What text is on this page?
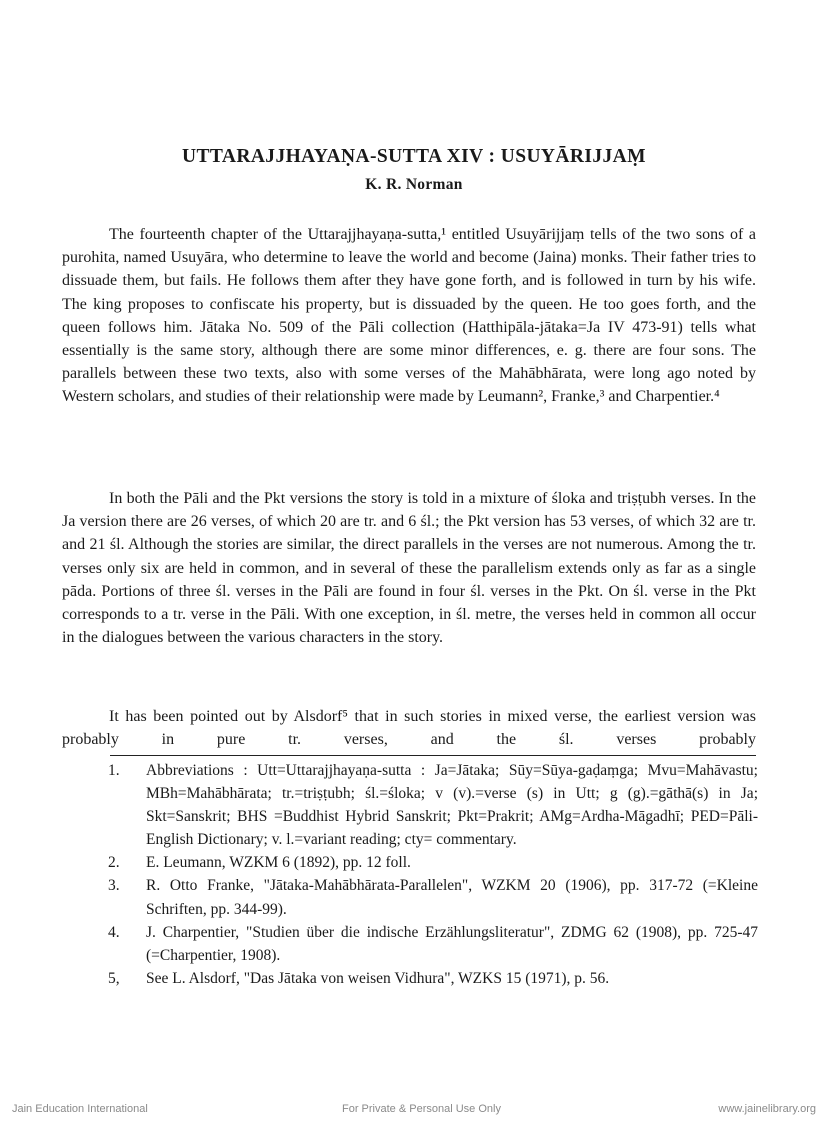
UTTARAJJHAYAṆA-SUTTA XIV : USUYĀRIJJAṂ
K. R. Norman

The fourteenth chapter of the Uttarajjhayaṇa-sutta,¹ entitled Usuyārijjaṃ tells of the two sons of a purohita, named Usuyāra, who determine to leave the world and become (Jaina) monks. Their father tries to dissuade them, but fails. He follows them after they have gone forth, and is followed in turn by his wife. The king proposes to confiscate his property, but is dissuaded by the queen. He too goes forth, and the queen follows him. Jātaka No. 509 of the Pāli collection (Hatthipāla-jātaka=Ja IV 473-91) tells what essentially is the same story, although there are some minor differences, e. g. there are four sons. The parallels between these two texts, also with some verses of the Mahābhārata, were long ago noted by Western scholars, and studies of their relationship were made by Leumann², Franke,³ and Charpentier.⁴

In both the Pāli and the Pkt versions the story is told in a mixture of śloka and triṣṭubh verses. In the Ja version there are 26 verses, of which 20 are tr. and 6 śl.; the Pkt version has 53 verses, of which 32 are tr. and 21 śl. Although the stories are similar, the direct parallels in the verses are not numerous. Among the tr. verses only six are held in common, and in several of these the parallelism extends only as far as a single pāda. Portions of three śl. verses in the Pāli are found in four śl. verses in the Pkt. On śl. verse in the Pkt corresponds to a tr. verse in the Pāli. With one exception, in śl. metre, the verses held in common all occur in the dialogues between the various characters in the story.

It has been pointed out by Alsdorf⁵ that in such stories in mixed verse, the earliest version was probably in pure tr. verses, and the śl. verses probably

1.	Abbreviations : Utt=Uttarajjhayaṇa-sutta : Ja=Jātaka; Sūy=Sūya-gaḍaṃga; Mvu=Mahāvastu; MBh=Mahābhārata; tr.=triṣṭubh; śl.=śloka; v (v).=verse (s) in Utt; g (g).=gāthā(s) in Ja; Skt=Sanskrit; BHS =Buddhist Hybrid Sanskrit; Pkt=Prakrit; AMg=Ardha-Māgadhī; PED=Pāli-English Dictionary; v. l.=variant reading; cty= commentary.
2.	E. Leumann, WZKM 6 (1892), pp. 12 foll.
3.	R. Otto Franke, "Jātaka-Mahābhārata-Parallelen", WZKM 20 (1906), pp. 317-72 (=Kleine Schriften, pp. 344-99).
4.	J. Charpentier, "Studien über die indische Erzählungsliteratur", ZDMG 62 (1908), pp. 725-47 (=Charpentier, 1908).
5,	See L. Alsdorf, "Das Jātaka von weisen Vidhura", WZKS 15 (1971), p. 56.
Jain Education International	For Private & Personal Use Only	www.jainelibrary.org
